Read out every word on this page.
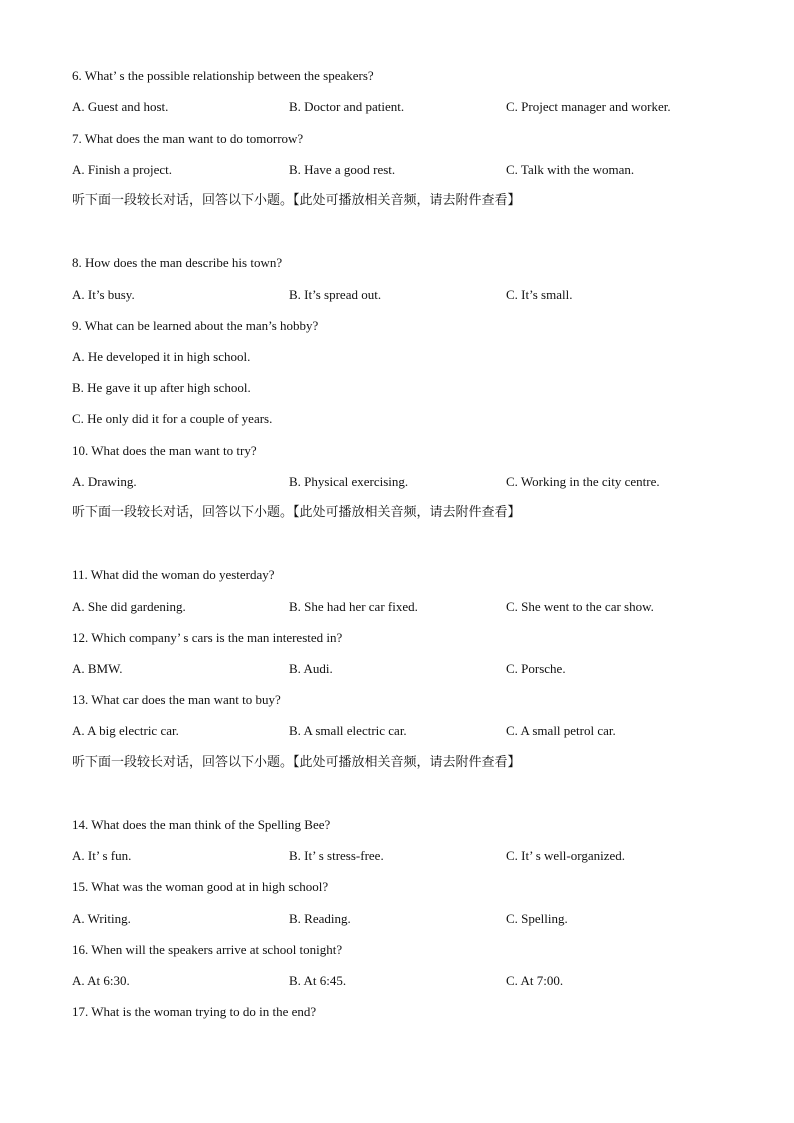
6. What’ s the possible relationship between the speakers?
A. Guest and host.	B. Doctor and patient.	C. Project manager and worker.
7. What does the man want to do tomorrow?
A. Finish a project.	B. Have a good rest.	C. Talk with the woman.
听下面一段较长对话，回答以下小题。【此处可播放相关音频，请去附件查看】
8. How does the man describe his town?
A. It’s busy.	B. It’s spread out.	C. It’s small.
9. What can be learned about the man’s hobby?
A. He developed it in high school.
B. He gave it up after high school.
C. He only did it for a couple of years.
10. What does the man want to try?
A. Drawing.	B. Physical exercising.	C. Working in the city centre.
听下面一段较长对话，回答以下小题。【此处可播放相关音频，请去附件查看】
11. What did the woman do yesterday?
A. She did gardening.	B. She had her car fixed.	C. She went to the car show.
12. Which company’ s cars is the man interested in?
A. BMW.	B. Audi.	C. Porsche.
13. What car does the man want to buy?
A. A big electric car.	B. A small electric car.	C. A small petrol car.
听下面一段较长对话，回答以下小题。【此处可播放相关音频，请去附件查看】
14. What does the man think of the Spelling Bee?
A. It’ s fun.	B. It’ s stress-free.	C. It’ s well-organized.
15. What was the woman good at in high school?
A. Writing.	B. Reading.	C. Spelling.
16. When will the speakers arrive at school tonight?
A. At 6:30.	B. At 6:45.	C. At 7:00.
17. What is the woman trying to do in the end?
